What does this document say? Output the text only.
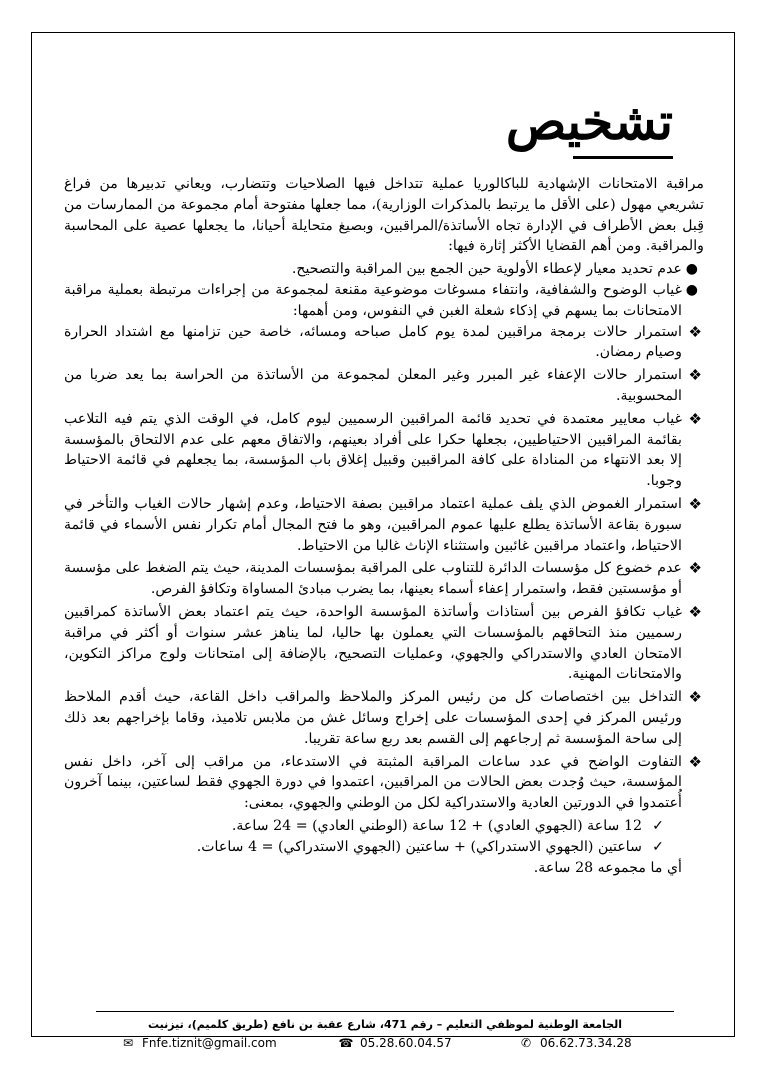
تشخيص

مراقبة الامتحانات الإشهادية للباكالوريا عملية تتداخل فيها الصلاحيات وتتضارب، ويعاني تدبيرها من فراغ تشريعي مهول (على الأقل ما يرتبط بالمذكرات الوزارية)، مما جعلها مفتوحة أمام مجموعة من الممارسات من قِبل بعض الأطراف في الإدارة تجاه الأساتذة/المراقبين، وبصيغ متحايلة أحيانا، ما يجعلها عصية على المحاسبة والمراقبة. ومن أهم القضايا الأكثر إثارة فيها:

●
عدم تحديد معيار لإعطاء الأولوية حين الجمع بين المراقبة والتصحيح.

●
غياب الوضوح والشفافية، وانتفاء مسوغات موضوعية مقنعة لمجموعة من إجراءات مرتبطة بعملية مراقبة الامتحانات بما يسهم في إذكاء شعلة الغبن في النفوس، ومن أهمها:

❖
استمرار حالات برمجة مراقبين لمدة يوم كامل صباحه ومسائه، خاصة حين تزامنها مع اشتداد الحرارة وصيام رمضان.

❖
استمرار حالات الإعفاء غير المبرر وغير المعلن لمجموعة من الأساتذة من الحراسة بما يعد ضربا من المحسوبية.

❖
غياب معايير معتمدة في تحديد قائمة المراقبين الرسميين ليوم كامل، في الوقت الذي يتم فيه التلاعب بقائمة المراقبين الاحتياطيين، بجعلها حكرا على أفراد بعينهم، والاتفاق معهم على عدم الالتحاق بالمؤسسة إلا بعد الانتهاء من المناداة على كافة المراقبين وقبيل إغلاق باب المؤسسة، بما يجعلهم في قائمة الاحتياط وجوبا.

❖
استمرار الغموض الذي يلف عملية اعتماد مراقبين بصفة الاحتياط، وعدم إشهار حالات الغياب والتأخر في سبورة بقاعة الأساتذة يطلع عليها عموم المراقبين، وهو ما فتح المجال أمام تكرار نفس الأسماء في قائمة الاحتياط، واعتماد مراقبين غائبين واستثناء الإناث غالبا من الاحتياط.

❖
عدم خضوع كل مؤسسات الدائرة للتناوب على المراقبة بمؤسسات المدينة، حيث يتم الضغط على مؤسسة أو مؤسستين فقط، واستمرار إعفاء أسماء بعينها، بما يضرب مبادئ المساواة وتكافؤ الفرص.

❖
غياب تكافؤ الفرص بين أستاذات وأساتذة المؤسسة الواحدة، حيث يتم اعتماد بعض الأساتذة كمراقبين رسميين منذ التحاقهم بالمؤسسات التي يعملون بها حاليا، لما يناهز عشر سنوات أو أكثر في مراقبة الامتحان العادي والاستدراكي والجهوي، وعمليات التصحيح، بالإضافة إلى امتحانات ولوج مراكز التكوين، والامتحانات المهنية.

❖
التداخل بين اختصاصات كل من رئيس المركز والملاحظ والمراقب داخل القاعة، حيث أقدم الملاحظ ورئيس المركز في إحدى المؤسسات على إخراج وسائل غش من ملابس تلاميذ، وقاما بإخراجهم بعد ذلك إلى ساحة المؤسسة ثم إرجاعهم إلى القسم بعد ربع ساعة تقريبا.

❖
التفاوت الواضح في عدد ساعات المراقبة المثبتة في الاستدعاء، من مراقب إلى آخر، داخل نفس المؤسسة، حيث وُجدت بعض الحالات من المراقبين، اعتمدوا في دورة الجهوي فقط لساعتين، بينما آخرون أُعتمدوا في الدورتين العادية والاستدراكية لكل من الوطني والجهوي، بمعنى:

✓
12 ساعة (الجهوي العادي) + 12 ساعة (الوطني العادي) = 24 ساعة.

✓
ساعتين (الجهوي الاستدراكي) + ساعتين (الجهوي الاستدراكي) = 4 ساعات.

أي ما مجموعه 28 ساعة.

الجامعة الوطنية لموظفي التعليم – رقم 471، شارع عقبة بن نافع (طريق كلميم)، تيزنيت
✉ Fnfe.tiznit@gmail.com	☎ 05.28.60.04.57	✆ 06.62.73.34.28
